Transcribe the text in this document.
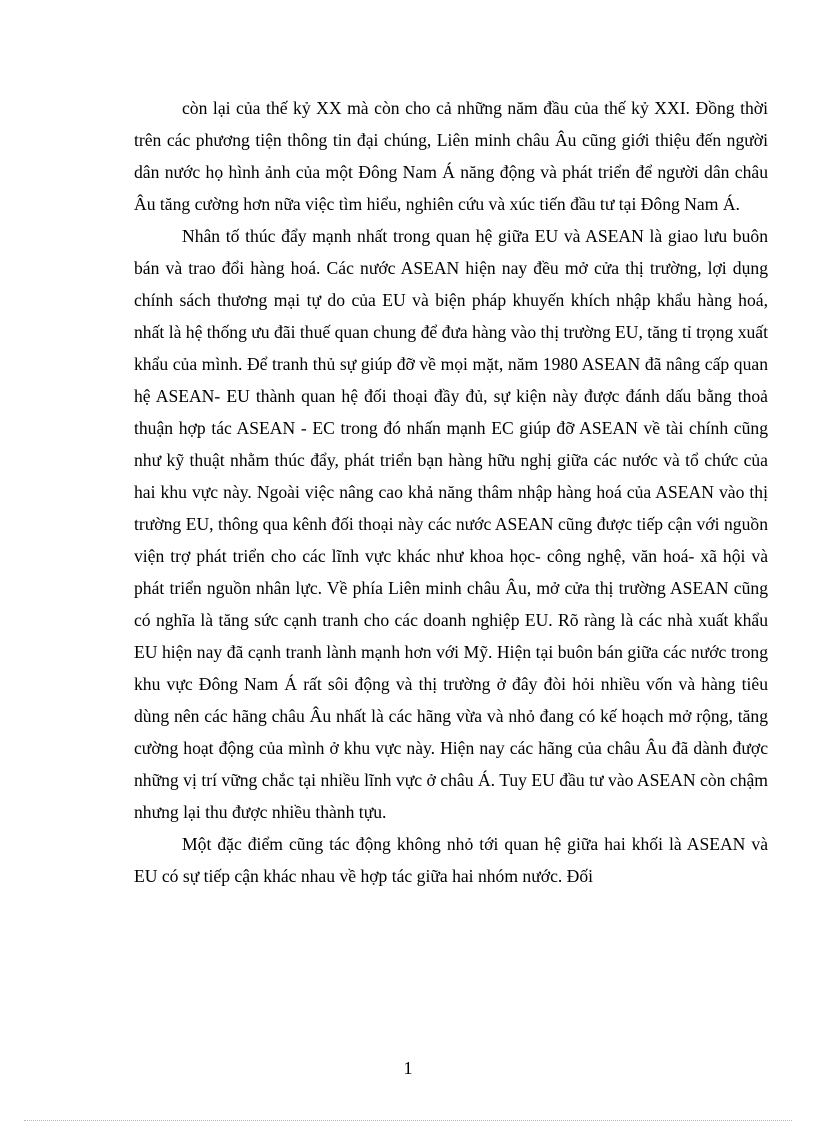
còn lại của thế kỷ XX mà còn cho cả những năm đầu của thế kỷ XXI. Đồng thời trên các phương tiện thông tin đại chúng, Liên minh châu Âu cũng giới thiệu đến người dân nước họ hình ảnh của một Đông Nam Á năng động và phát triển để người dân châu Âu tăng cường hơn nữa việc tìm hiểu, nghiên cứu và xúc tiến đầu tư tại Đông Nam Á.

Nhân tố thúc đẩy mạnh nhất trong quan hệ giữa EU và ASEAN là giao lưu buôn bán và trao đổi hàng hoá. Các nước ASEAN hiện nay đều mở cửa thị trường, lợi dụng chính sách thương mại tự do của EU và biện pháp khuyến khích nhập khẩu hàng hoá, nhất là hệ thống ưu đãi thuế quan chung để đưa hàng vào thị trường EU, tăng tỉ trọng xuất khẩu của mình. Để tranh thủ sự giúp đỡ về mọi mặt, năm 1980 ASEAN đã nâng cấp quan hệ ASEAN- EU thành quan hệ đối thoại đầy đủ, sự kiện này được đánh dấu bằng thoả thuận hợp tác ASEAN - EC trong đó nhấn mạnh EC giúp đỡ ASEAN về tài chính cũng như kỹ thuật nhằm thúc đẩy, phát triển bạn hàng hữu nghị giữa các nước và tổ chức của hai khu vực này. Ngoài việc nâng cao khả năng thâm nhập hàng hoá của ASEAN vào thị trường EU, thông qua kênh đối thoại này các nước ASEAN cũng được tiếp cận với nguồn viện trợ phát triển cho các lĩnh vực khác như khoa học- công nghệ, văn hoá- xã hội và phát triển nguồn nhân lực. Về phía Liên minh châu Âu, mở cửa thị trường ASEAN cũng có nghĩa là tăng sức cạnh tranh cho các doanh nghiệp EU. Rõ ràng là các nhà xuất khẩu EU hiện nay đã cạnh tranh lành mạnh hơn với Mỹ. Hiện tại buôn bán giữa các nước trong khu vực Đông Nam Á rất sôi động và thị trường ở đây đòi hỏi nhiều vốn và hàng tiêu dùng nên các hãng châu Âu nhất là các hãng vừa và nhỏ đang có kế hoạch mở rộng, tăng cường hoạt động của mình ở khu vực này. Hiện nay các hãng của châu Âu đã dành được những vị trí vững chắc tại nhiều lĩnh vực ở châu Á. Tuy EU đầu tư vào ASEAN còn chậm nhưng lại thu được nhiều thành tựu.

Một đặc điểm cũng tác động không nhỏ tới quan hệ giữa hai khối là ASEAN và EU có sự tiếp cận khác nhau về hợp tác giữa hai nhóm nước. Đối

1
